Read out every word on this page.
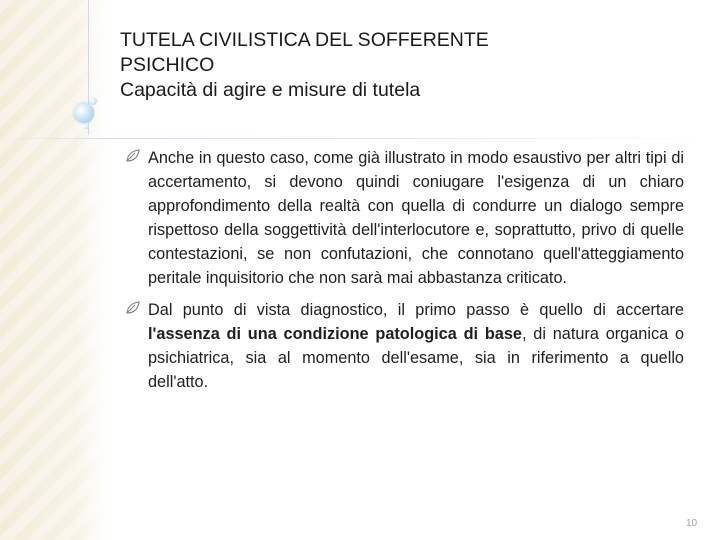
TUTELA CIVILISTICA DEL SOFFERENTE
PSICHICO
Capacità di agire e misure di tutela
Anche in questo caso, come già illustrato in modo esaustivo per altri tipi di accertamento, si devono quindi coniugare l'esigenza di un chiaro approfondimento della realtà con quella di condurre un dialogo sempre rispettoso della soggettività dell'interlocutore e, soprattutto, privo di quelle contestazioni, se non confutazioni, che connotano quell'atteggiamento peritale inquisitorio che non sarà mai abbastanza criticato.
Dal punto di vista diagnostico, il primo passo è quello di accertare l'assenza di una condizione patologica di base, di natura organica o psichiatrica, sia al momento dell'esame, sia in riferimento a quello dell'atto.
10
